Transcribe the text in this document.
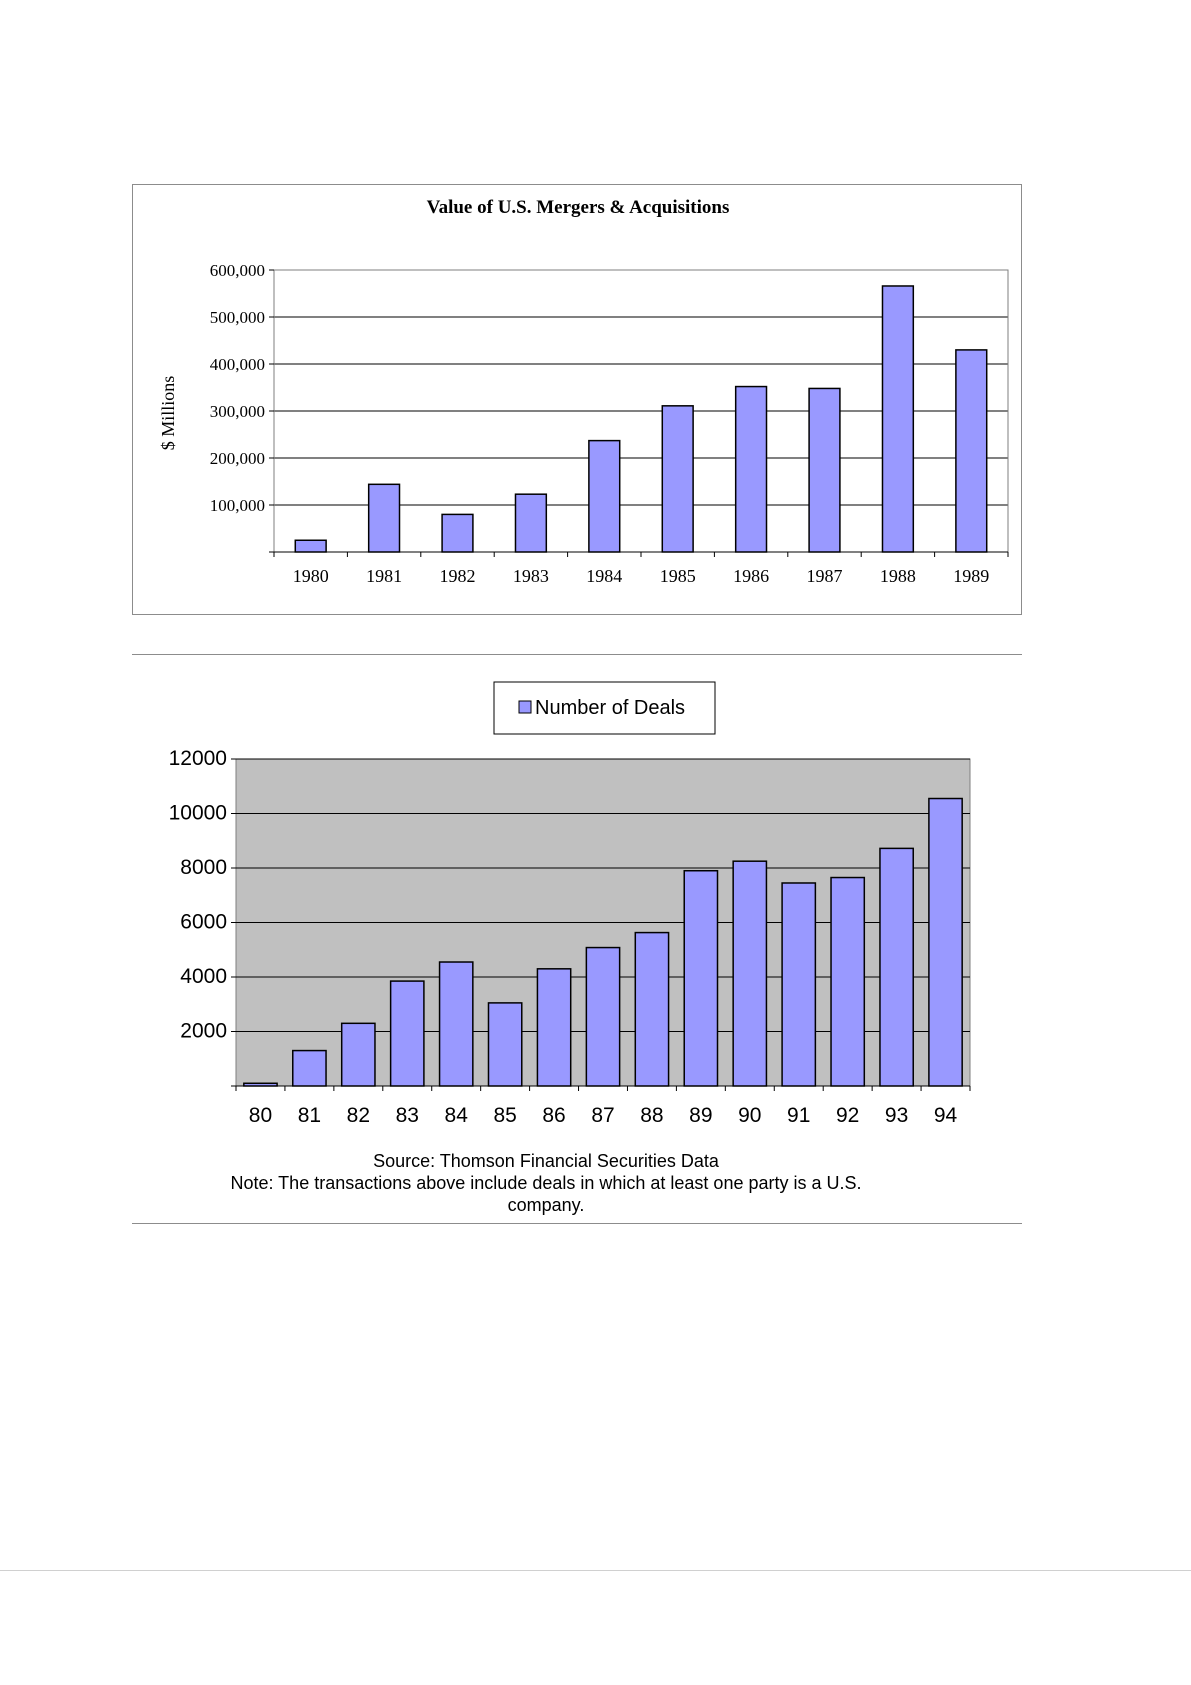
Value of U.S. Mergers & Acquisitions
$ Millions
100,000
200,000
300,000
400,000
500,000
600,000
1980 1981 1982 1983 1984 1985 1986 1987 1988 1989
Number of Deals
2000
4000
6000
8000
10000
12000
80 81 82 83 84 85 86 87 88 89 90 91 92 93 94
Source: Thomson Financial Securities Data
Note: The transactions above include deals in which at least one party is a U.S.
company.
